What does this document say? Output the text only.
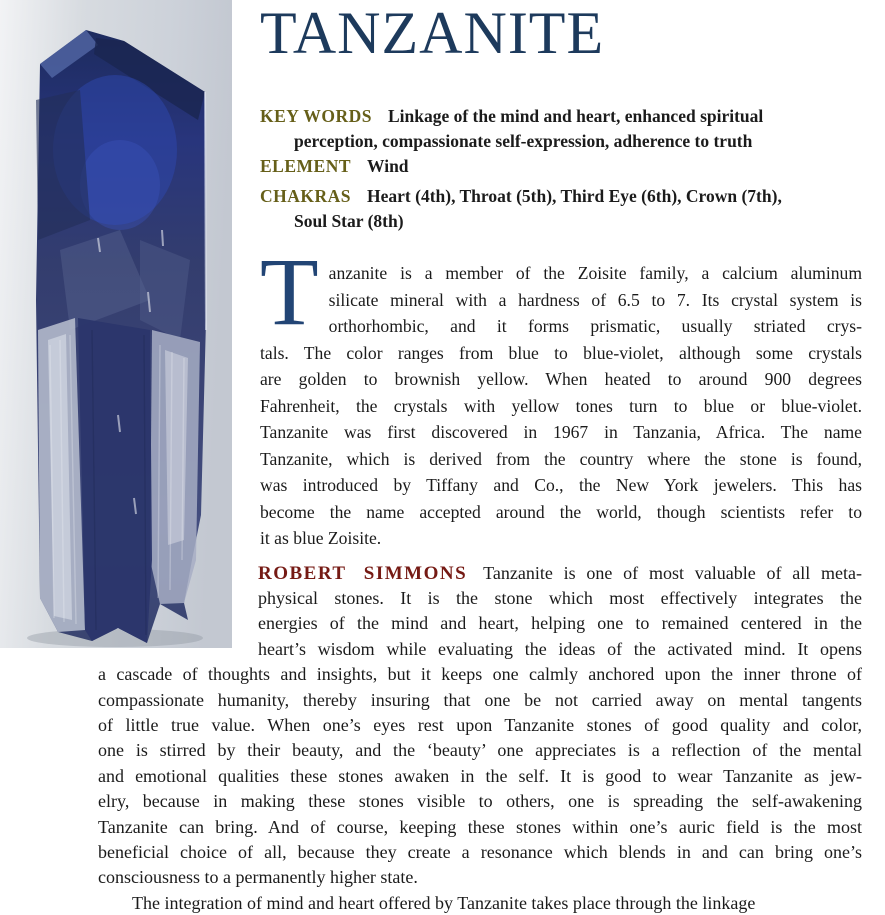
TANZANITE
KEY WORDS Linkage of the mind and heart, enhanced spiritual
perception, compassionate self-expression, adherence to truth
ELEMENT Wind
CHAKRAS Heart (4th), Throat (5th), Third Eye (6th), Crown (7th),
Soul Star (8th)
T anzanite is a member of the Zoisite family, a calcium aluminum
silicate mineral with a hardness of 6.5 to 7. Its crystal system is
orthorhombic, and it forms prismatic, usually striated crys-
tals. The color ranges from blue to blue-violet, although some crystals
are golden to brownish yellow. When heated to around 900 degrees
Fahrenheit, the crystals with yellow tones turn to blue or blue-violet.
Tanzanite was first discovered in 1967 in Tanzania, Africa. The name
Tanzanite, which is derived from the country where the stone is found,
was introduced by Tiffany and Co., the New York jewelers. This has
become the name accepted around the world, though scientists refer to
it as blue Zoisite.
ROBERT SIMMONS Tanzanite is one of most valuable of all meta-
physical stones. It is the stone which most effectively integrates the
energies of the mind and heart, helping one to remained centered in the
heart’s wisdom while evaluating the ideas of the activated mind. It opens
a cascade of thoughts and insights, but it keeps one calmly anchored upon the inner throne of
compassionate humanity, thereby insuring that one be not carried away on mental tangents
of little true value. When one’s eyes rest upon Tanzanite stones of good quality and color,
one is stirred by their beauty, and the ‘beauty’ one appreciates is a reflection of the mental
and emotional qualities these stones awaken in the self. It is good to wear Tanzanite as jew-
elry, because in making these stones visible to others, one is spreading the self-awakening
Tanzanite can bring. And of course, keeping these stones within one’s auric field is the most
beneficial choice of all, because they create a resonance which blends in and can bring one’s
consciousness to a permanently higher state.
The integration of mind and heart offered by Tanzanite takes place through the linkage
